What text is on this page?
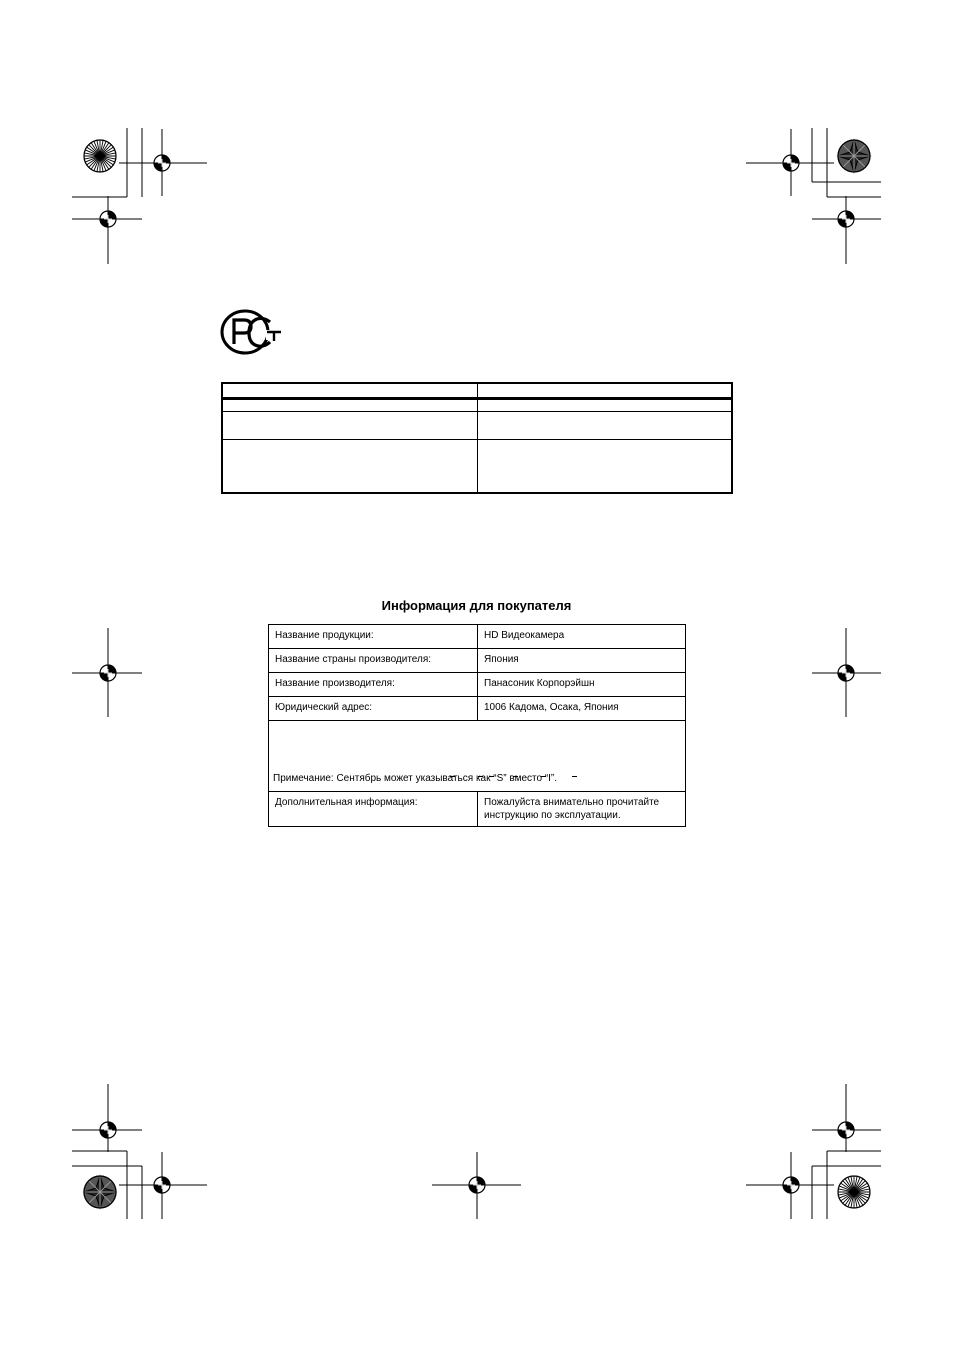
Информация для покупателя
Название продукции:	HD Видеокамера
Название страны производителя:	Япония
Название производителя:	Панасоник Корпорэйшн
Юридический адрес:	1006 Кадома, Осака, Япония
Примечание: Сентябрь может указываться как “S” вместо “I”.	
Дополнительная информация:	Пожалуйста внимательно прочитайте
инструкцию по эксплуатации.
